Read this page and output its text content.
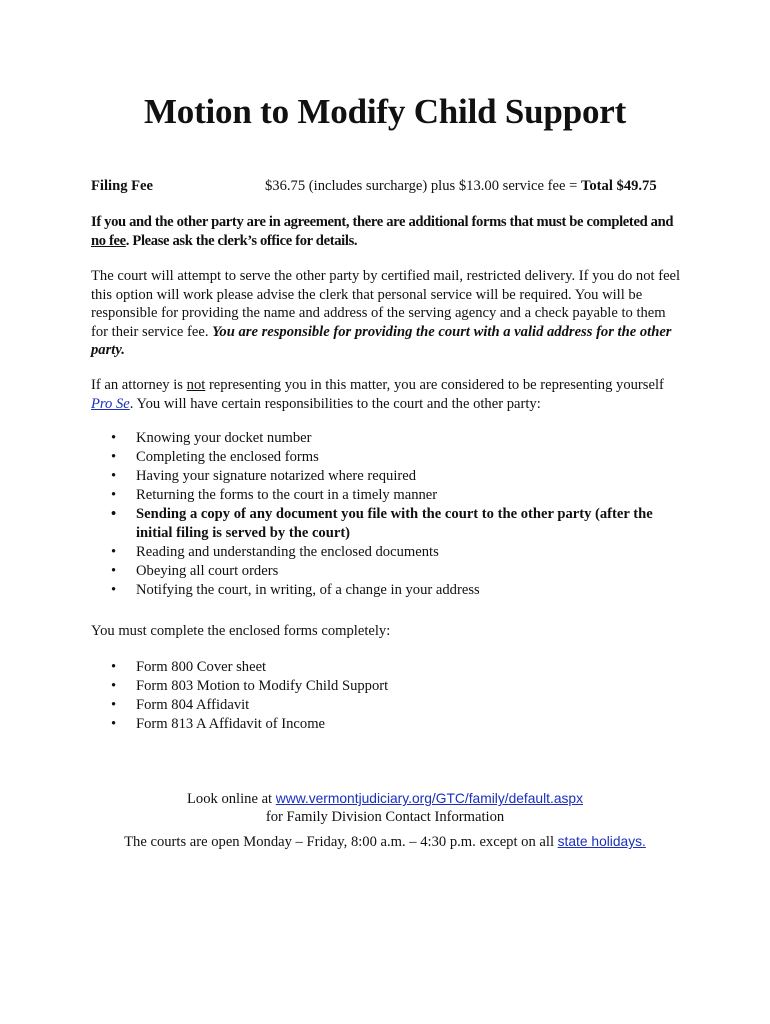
Motion to Modify Child Support
Filing Fee	$36.75 (includes surcharge) plus $13.00 service fee = Total $49.75
If you and the other party are in agreement, there are additional forms that must be completed and no fee. Please ask the clerk’s office for details.
The court will attempt to serve the other party by certified mail, restricted delivery. If you do not feel this option will work please advise the clerk that personal service will be required. You will be responsible for providing the name and address of the serving agency and a check payable to them for their service fee. You are responsible for providing the court with a valid address for the other party.
If an attorney is not representing you in this matter, you are considered to be representing yourself Pro Se. You will have certain responsibilities to the court and the other party:
• Knowing your docket number
• Completing the enclosed forms
• Having your signature notarized where required
• Returning the forms to the court in a timely manner
• Sending a copy of any document you file with the court to the other party (after the initial filing is served by the court)
• Reading and understanding the enclosed documents
• Obeying all court orders
• Notifying the court, in writing, of a change in your address
You must complete the enclosed forms completely:
• Form 800 Cover sheet
• Form 803 Motion to Modify Child Support
• Form 804 Affidavit
• Form 813 A Affidavit of Income
Look online at www.vermontjudiciary.org/GTC/family/default.aspx
for Family Division Contact Information
The courts are open Monday – Friday, 8:00 a.m. – 4:30 p.m. except on all state holidays.
